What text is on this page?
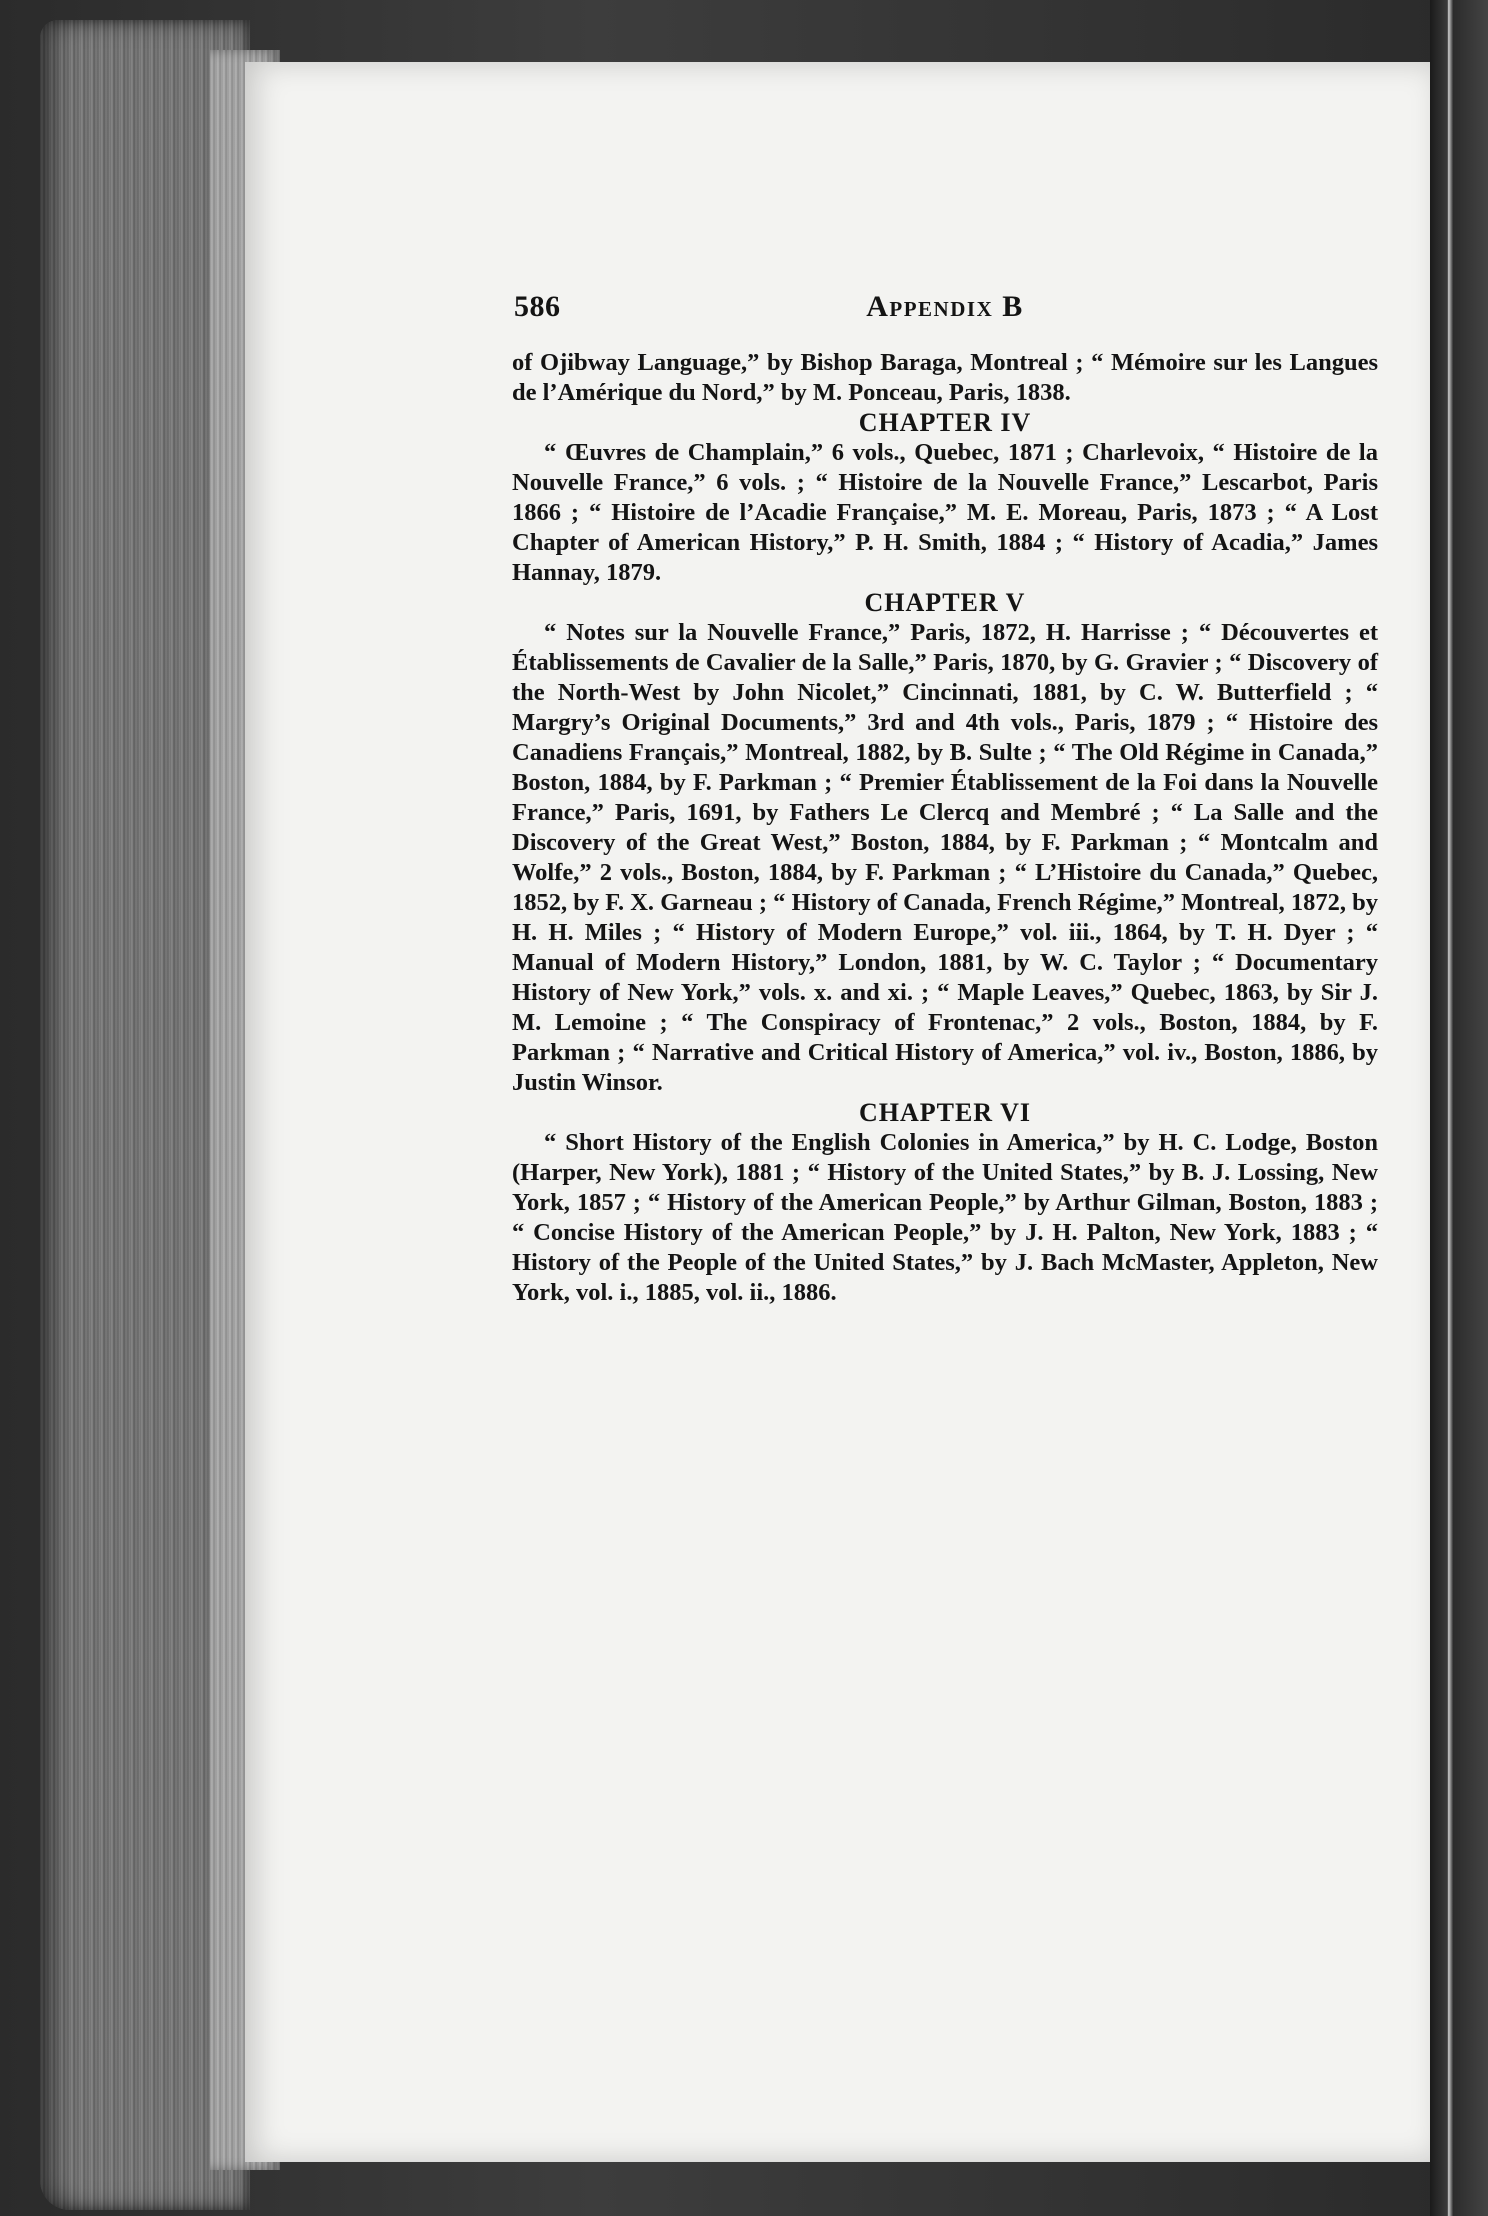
586	Appendix B

of Ojibway Language,” by Bishop Baraga, Montreal ; “ Mémoire sur les Langues de l’Amérique du Nord,” by M. Ponceau, Paris, 1838.

CHAPTER IV

“ Œuvres de Champlain,” 6 vols., Quebec, 1871 ; Charlevoix, “ Histoire de la Nouvelle France,” 6 vols. ; “ Histoire de la Nouvelle France,” Lescarbot, Paris 1866 ; “ Histoire de l’Acadie Française,” M. E. Moreau, Paris, 1873 ; “ A Lost Chapter of American History,” P. H. Smith, 1884 ; “ History of Acadia,” James Hannay, 1879.

CHAPTER V

“ Notes sur la Nouvelle France,” Paris, 1872, H. Harrisse ; “ Découvertes et Établissements de Cavalier de la Salle,” Paris, 1870, by G. Gravier ; “ Discovery of the North-West by John Nicolet,” Cincinnati, 1881, by C. W. Butterfield ; “ Margry’s Original Documents,” 3rd and 4th vols., Paris, 1879 ; “ Histoire des Canadiens Français,” Montreal, 1882, by B. Sulte ; “ The Old Régime in Canada,” Boston, 1884, by F. Parkman ; “ Premier Établissement de la Foi dans la Nouvelle France,” Paris, 1691, by Fathers Le Clercq and Membré ; “ La Salle and the Discovery of the Great West,” Boston, 1884, by F. Parkman ; “ Montcalm and Wolfe,” 2 vols., Boston, 1884, by F. Parkman ; “ L’Histoire du Canada,” Quebec, 1852, by F. X. Garneau ; “ History of Canada, French Régime,” Montreal, 1872, by H. H. Miles ; “ History of Modern Europe,” vol. iii., 1864, by T. H. Dyer ; “ Manual of Modern History,” London, 1881, by W. C. Taylor ; “ Documentary History of New York,” vols. x. and xi. ; “ Maple Leaves,” Quebec, 1863, by Sir J. M. Lemoine ; “ The Conspiracy of Frontenac,” 2 vols., Boston, 1884, by F. Parkman ; “ Narrative and Critical History of America,” vol. iv., Boston, 1886, by Justin Winsor.

CHAPTER VI

“ Short History of the English Colonies in America,” by H. C. Lodge, Boston (Harper, New York), 1881 ; “ History of the United States,” by B. J. Lossing, New York, 1857 ; “ History of the American People,” by Arthur Gilman, Boston, 1883 ; “ Concise History of the American People,” by J. H. Palton, New York, 1883 ; “ History of the People of the United States,” by J. Bach McMaster, Appleton, New York, vol. i., 1885, vol. ii., 1886.
